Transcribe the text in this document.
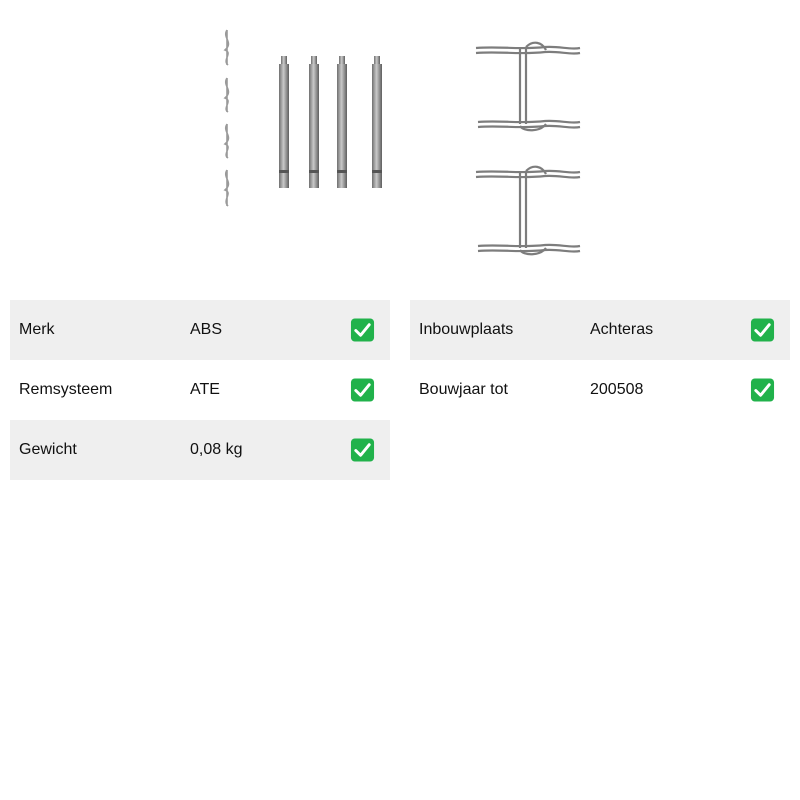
Merk	ABS
Remsysteem	ATE
Gewicht	0,08 kg
Inbouwplaats	Achteras
Bouwjaar tot	200508
